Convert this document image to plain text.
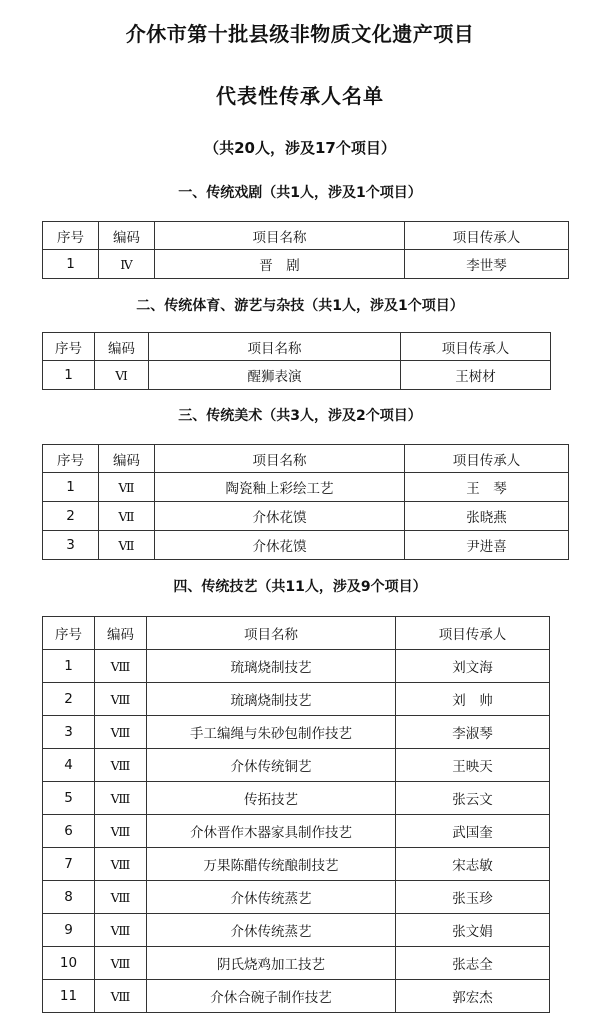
介休市第十批县级非物质文化遗产项目
代表性传承人名单
（共20人，涉及17个项目）
一、传统戏剧（共1人，涉及1个项目）
序号	编码	项目名称	项目传承人
1	Ⅳ	晋　剧	李世琴
二、传统体育、游艺与杂技（共1人，涉及1个项目）
序号	编码	项目名称	项目传承人
1	Ⅵ	醒狮表演	王树材
三、传统美术（共3人，涉及2个项目）
序号	编码	项目名称	项目传承人
1	Ⅶ	陶瓷釉上彩绘工艺	王　琴
2	Ⅶ	介休花馍	张晓燕
3	Ⅶ	介休花馍	尹进喜
四、传统技艺（共11人，涉及9个项目）
序号	编码	项目名称	项目传承人
1	Ⅷ	琉璃烧制技艺	刘文海
2	Ⅷ	琉璃烧制技艺	刘　帅
3	Ⅷ	手工编绳与朱砂包制作技艺	李淑琴
4	Ⅷ	介休传统铜艺	王映天
5	Ⅷ	传拓技艺	张云文
6	Ⅷ	介休晋作木器家具制作技艺	武国奎
7	Ⅷ	万果陈醋传统酿制技艺	宋志敏
8	Ⅷ	介休传统蒸艺	张玉珍
9	Ⅷ	介休传统蒸艺	张文娟
10	Ⅷ	阴氏烧鸡加工技艺	张志全
11	Ⅷ	介休合碗子制作技艺	郭宏杰
